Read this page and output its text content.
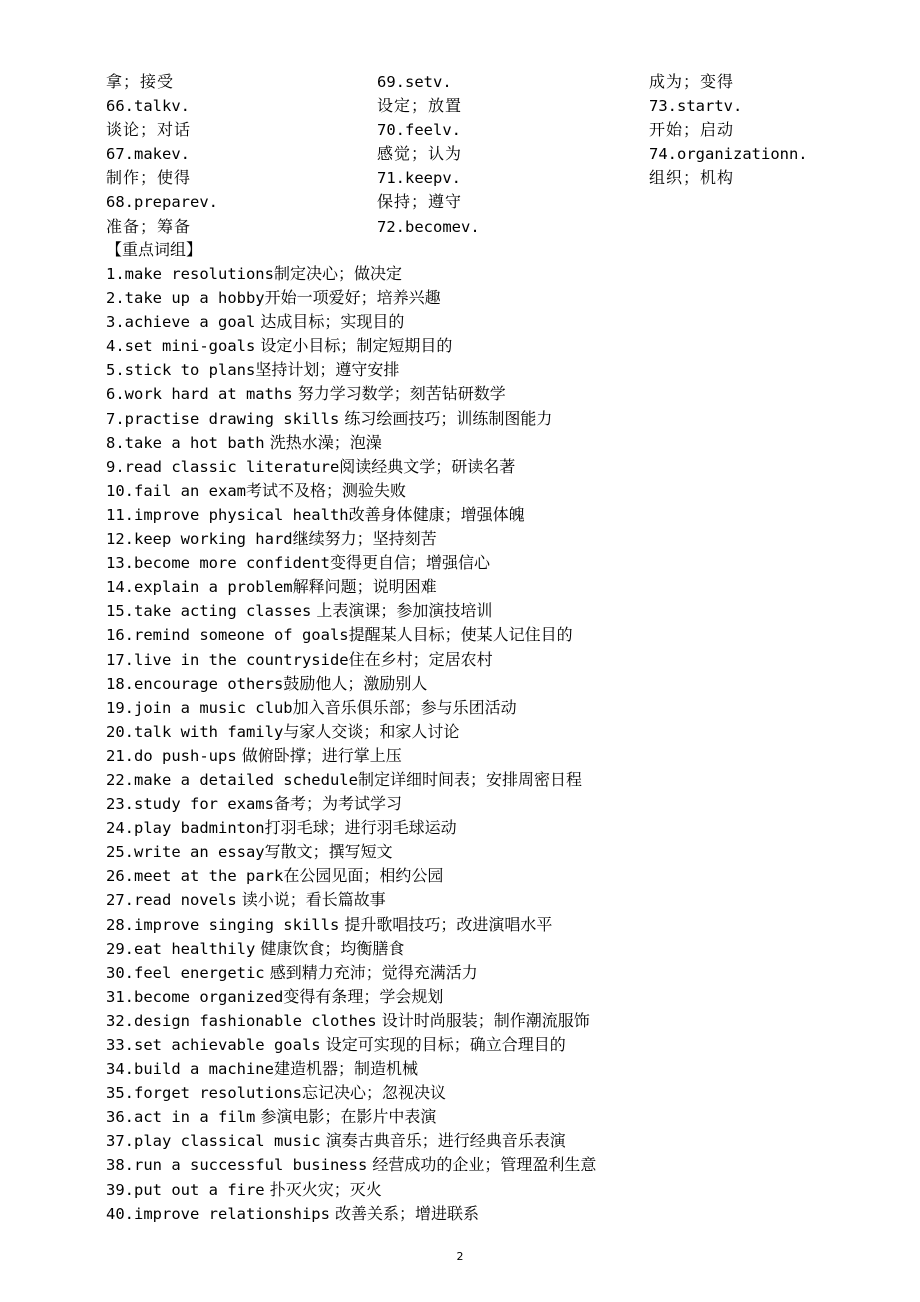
拿；接受
66.talkv.
谈论；对话
67.makev.
制作；使得
68.preparev.
准备；筹备
69.setv.
设定；放置
70.feelv.
感觉；认为
71.keepv.
保持；遵守
72.becomev.
成为；变得
73.startv.
开始；启动
74.organizationn.
组织；机构
【重点词组】
1.make resolutions制定决心；做决定
2.take up a hobby开始一项爱好；培养兴趣
3.achieve a goal 达成目标；实现目的
4.set mini-goals 设定小目标；制定短期目的
5.stick to plans坚持计划；遵守安排
6.work hard at maths 努力学习数学；刻苦钻研数学
7.practise drawing skills 练习绘画技巧；训练制图能力
8.take a hot bath 洗热水澡；泡澡
9.read classic literature阅读经典文学；研读名著
10.fail an exam考试不及格；测验失败
11.improve physical health改善身体健康；增强体魄
12.keep working hard继续努力；坚持刻苦
13.become more confident变得更自信；增强信心
14.explain a problem解释问题；说明困难
15.take acting classes 上表演课；参加演技培训
16.remind someone of goals提醒某人目标；使某人记住目的
17.live in the countryside住在乡村；定居农村
18.encourage others鼓励他人；激励别人
19.join a music club加入音乐俱乐部；参与乐团活动
20.talk with family与家人交谈；和家人讨论
21.do push-ups 做俯卧撑；进行掌上压
22.make a detailed schedule制定详细时间表；安排周密日程
23.study for exams备考；为考试学习
24.play badminton打羽毛球；进行羽毛球运动
25.write an essay写散文；撰写短文
26.meet at the park在公园见面；相约公园
27.read novels 读小说；看长篇故事
28.improve singing skills 提升歌唱技巧；改进演唱水平
29.eat healthily 健康饮食；均衡膳食
30.feel energetic 感到精力充沛；觉得充满活力
31.become organized变得有条理；学会规划
32.design fashionable clothes 设计时尚服装；制作潮流服饰
33.set achievable goals 设定可实现的目标；确立合理目的
34.build a machine建造机器；制造机械
35.forget resolutions忘记决心；忽视决议
36.act in a film 参演电影；在影片中表演
37.play classical music 演奏古典音乐；进行经典音乐表演
38.run a successful business 经营成功的企业；管理盈利生意
39.put out a fire 扑灭火灾；灭火
40.improve relationships 改善关系；增进联系
2
